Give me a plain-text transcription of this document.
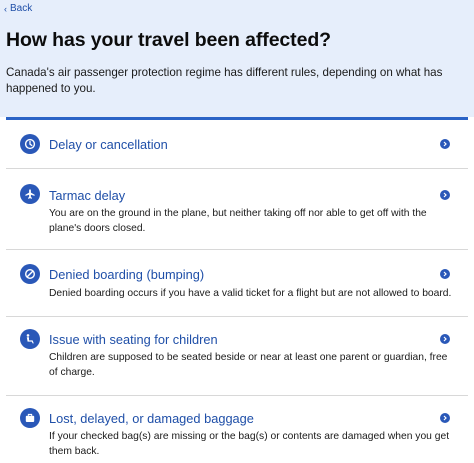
‹ Back
How has your travel been affected?

Canada's air passenger protection regime has different rules, depending on what has happened to you.

Delay or cancellation
Tarmac delay
You are on the ground in the plane, but neither taking off nor able to get off with the plane's doors closed.
Denied boarding (bumping)
Denied boarding occurs if you have a valid ticket for a flight but are not allowed to board.
Issue with seating for children
Children are supposed to be seated beside or near at least one parent or guardian, free of charge.
Lost, delayed, or damaged baggage
If your checked bag(s) are missing or the bag(s) or contents are damaged when you get them back.
